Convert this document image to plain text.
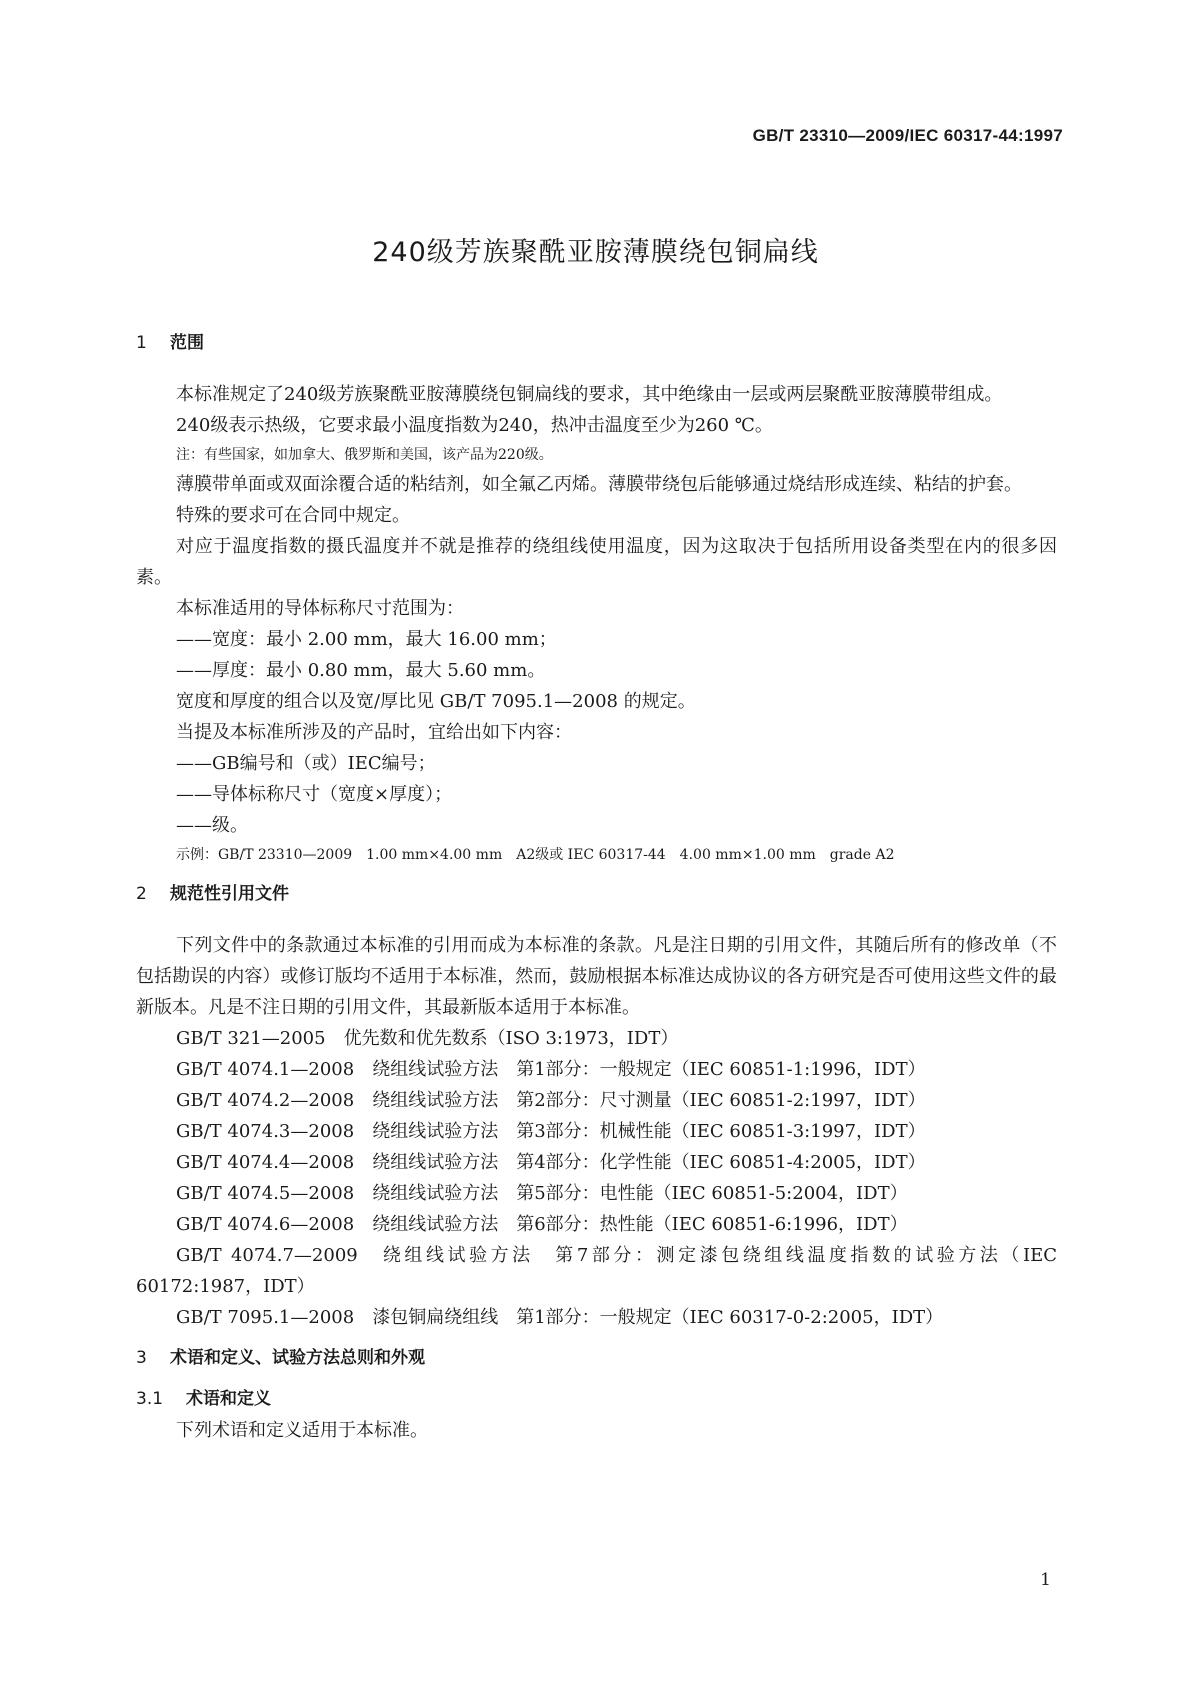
GB/T 23310—2009/IEC 60317-44:1997
240级芳族聚酰亚胺薄膜绕包铜扁线
1 范围

本标准规定了240级芳族聚酰亚胺薄膜绕包铜扁线的要求，其中绝缘由一层或两层聚酰亚胺薄膜带组成。

240级表示热级，它要求最小温度指数为240，热冲击温度至少为260 ℃。

注：有些国家，如加拿大、俄罗斯和美国，该产品为220级。

薄膜带单面或双面涂覆合适的粘结剂，如全氟乙丙烯。薄膜带绕包后能够通过烧结形成连续、粘结的护套。

特殊的要求可在合同中规定。

对应于温度指数的摄氏温度并不就是推荐的绕组线使用温度，因为这取决于包括所用设备类型在内的很多因素。

本标准适用的导体标称尺寸范围为：

——宽度：最小 2.00 mm，最大 16.00 mm；

——厚度：最小 0.80 mm，最大 5.60 mm。

宽度和厚度的组合以及宽/厚比见 GB/T 7095.1—2008 的规定。

当提及本标准所涉及的产品时，宜给出如下内容：

——GB编号和（或）IEC编号；

——导体标称尺寸（宽度×厚度）；

——级。

示例：GB/T 23310—2009　1.00 mm×4.00 mm　A2级或 IEC 60317-44　4.00 mm×1.00 mm　grade A2

2 规范性引用文件

下列文件中的条款通过本标准的引用而成为本标准的条款。凡是注日期的引用文件，其随后所有的修改单（不包括勘误的内容）或修订版均不适用于本标准，然而，鼓励根据本标准达成协议的各方研究是否可使用这些文件的最新版本。凡是不注日期的引用文件，其最新版本适用于本标准。

GB/T 321—2005　优先数和优先数系（ISO 3:1973，IDT）

GB/T 4074.1—2008　绕组线试验方法　第1部分：一般规定（IEC 60851-1:1996，IDT）

GB/T 4074.2—2008　绕组线试验方法　第2部分：尺寸测量（IEC 60851-2:1997，IDT）

GB/T 4074.3—2008　绕组线试验方法　第3部分：机械性能（IEC 60851-3:1997，IDT）

GB/T 4074.4—2008　绕组线试验方法　第4部分：化学性能（IEC 60851-4:2005，IDT）

GB/T 4074.5—2008　绕组线试验方法　第5部分：电性能（IEC 60851-5:2004，IDT）

GB/T 4074.6—2008　绕组线试验方法　第6部分：热性能（IEC 60851-6:1996，IDT）

GB/T 4074.7—2009　绕组线试验方法　第7部分：测定漆包绕组线温度指数的试验方法（IEC 60172:1987，IDT）

GB/T 7095.1—2008　漆包铜扁绕组线　第1部分：一般规定（IEC 60317-0-2:2005，IDT）

3 术语和定义、试验方法总则和外观
3.1 术语和定义

下列术语和定义适用于本标准。

1
